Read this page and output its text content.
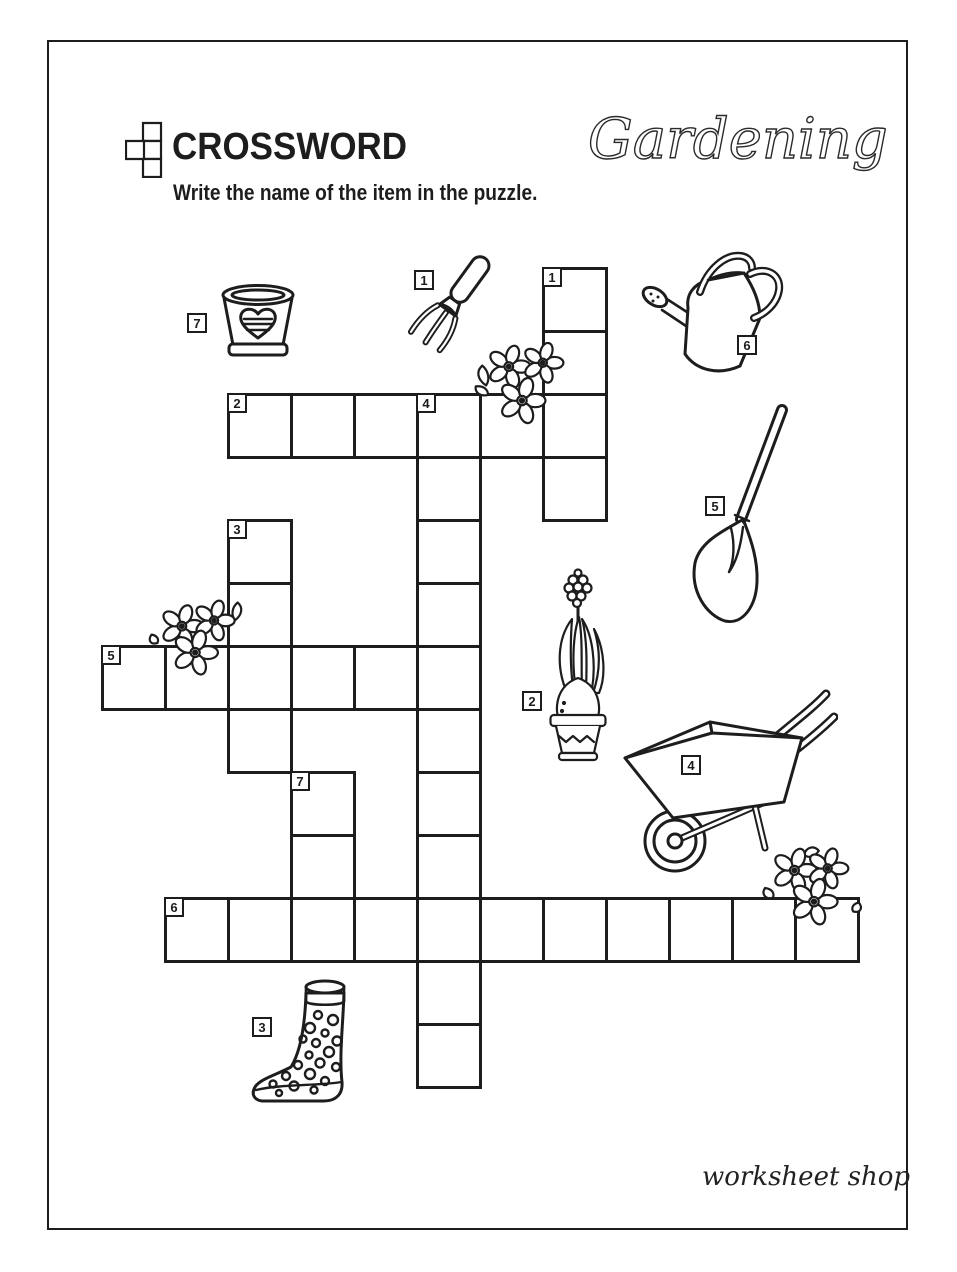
CROSSWORD
Write the name of the item in the puzzle.
Gardening
1
2
3
4
5
6
7
7
1
6
5
2
4
3
worksheet shop
